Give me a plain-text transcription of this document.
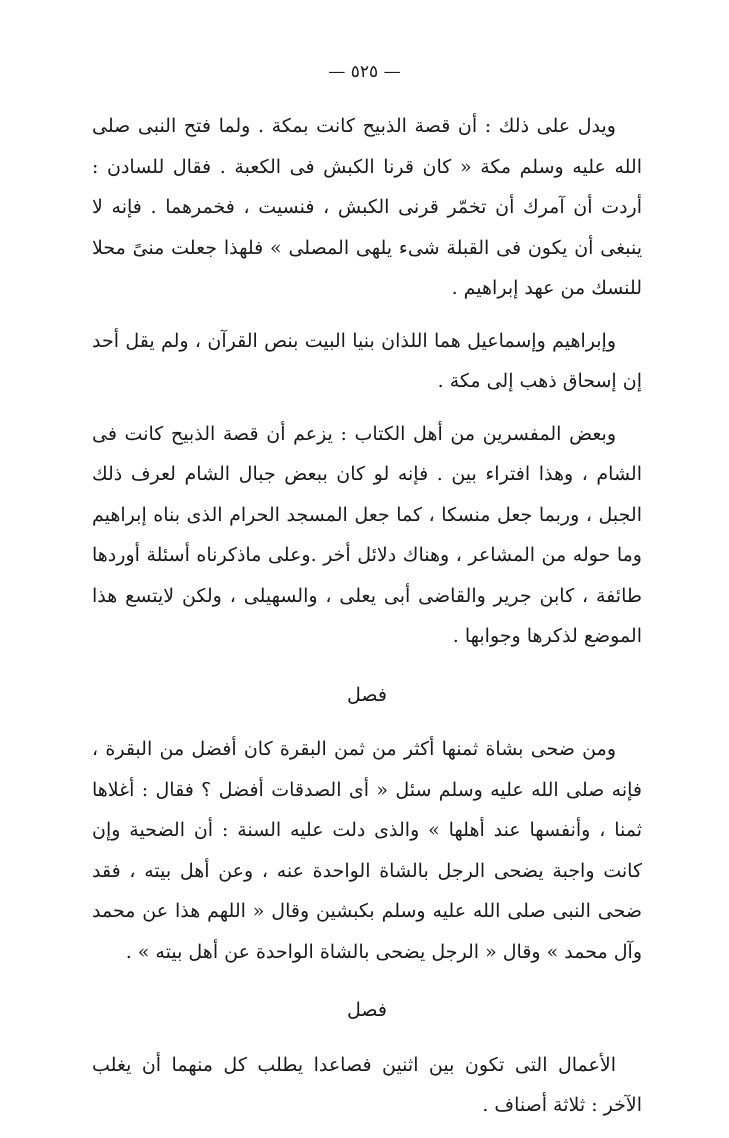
— ٥٢٥ —

ويدل على ذلك : أن قصة الذبيح كانت بمكة . ولما فتح النبى صلى الله عليه وسلم مكة « كان قرنا الكبش فى الكعبة . فقال للسادن : أردت أن آمرك أن تخمّر قرنى الكبش ، فنسيت ، فخمرهما . فإنه لا ينبغى أن يكون فى القبلة شىء يلهى المصلى » فلهذا جعلت منىً محلا للنسك من عهد إبراهيم .

وإبراهيم وإسماعيل هما اللذان بنيا البيت بنص القرآن ، ولم يقل أحد إن إسحاق ذهب إلى مكة .

وبعض المفسرين من أهل الكتاب : يزعم أن قصة الذبيح كانت فى الشام ، وهذا افتراء بين . فإنه لو كان ببعض جبال الشام لعرف ذلك الجبل ، وربما جعل منسكا ، كما جعل المسجد الحرام الذى بناه إبراهيم وما حوله من المشاعر ، وهناك دلائل أخر .وعلى ماذكرناه أسئلة أوردها طائفة ، كابن جرير والقاضى أبى يعلى ، والسهيلى ، ولكن لايتسع هذا الموضع لذكرها وجوابها .

فصل

ومن ضحى بشاة ثمنها أكثر من ثمن البقرة كان أفضل من البقرة ، فإنه صلى الله عليه وسلم سئل « أى الصدقات أفضل ؟ فقال : أغلاها ثمنا ، وأنفسها عند أهلها » والذى دلت عليه السنة : أن الضحية وإن كانت واجبة يضحى الرجل بالشاة الواحدة عنه ، وعن أهل بيته ، فقد ضحى النبى صلى الله عليه وسلم بكبشين وقال « اللهم هذا عن محمد وآل محمد » وقال « الرجل يضحى بالشاة الواحدة عن أهل بيته » .

فصل

الأعمال التى تكون بين اثنين فصاعدا يطلب كل منهما أن يغلب الآخر : ثلاثة أصناف .
